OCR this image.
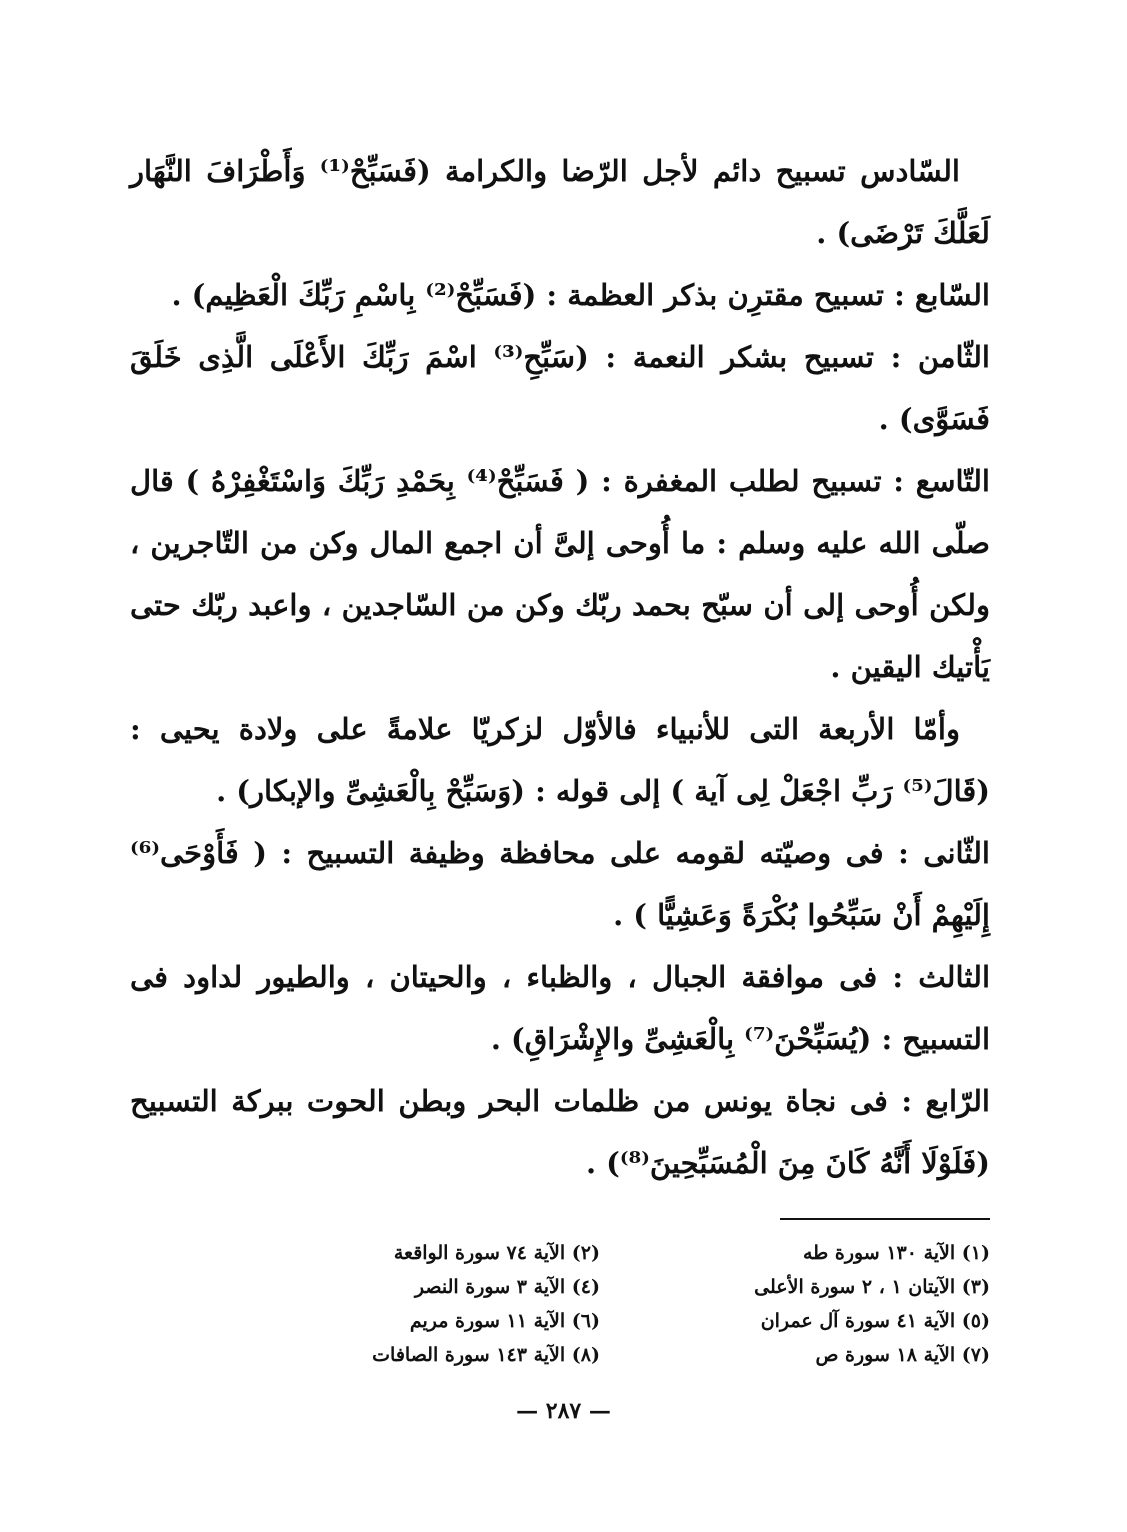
السّادس تسبيح دائم لأجل الرّضا والكرامة (فَسَبِّحْ⁽¹⁾ وَأَطْرَافَ النَّهَار لَعَلَّكَ تَرْضَى) .

السّابع : تسبيح مقترِن بذكر العظمة : (فَسَبِّحْ⁽²⁾ بِاسْمِ رَبِّكَ الْعَظِيم) .

الثّامن : تسبيح بشكر النعمة : (سَبِّحِ⁽³⁾ اسْمَ رَبِّكَ الأَعْلَى الَّذِى خَلَقَ فَسَوَّى) .

التّاسع : تسبيح لطلب المغفرة : ( فَسَبِّحْ⁽⁴⁾ بِحَمْدِ رَبِّكَ وَاسْتَغْفِرْهُ ) قال صلّى الله عليه وسلم : ما أُوحى إلىَّ أن اجمع المال وكن من التّاجرين ، ولكن أُوحى إلى أن سبّح بحمد ربّك وكن من السّاجدين ، واعبد ربّك حتى يَأْتيك اليقين .

وأمّا الأربعة التى للأنبياء فالأوّل لزكريّا علامةً على ولادة يحيى : (قَالَ⁽⁵⁾ رَبِّ اجْعَلْ لِى آية ) إلى قوله : (وَسَبِّحْ بِالْعَشِىِّ والإبكار) .

الثّانى : فى وصيّته لقومه على محافظة وظيفة التسبيح : ( فَأَوْحَى⁽⁶⁾ إِلَيْهِمْ أَنْ سَبِّحُوا بُكْرَةً وَعَشِيًّا ) .

الثالث : فى موافقة الجبال ، والظباء ، والحيتان ، والطيور لداود فى التسبيح : (يُسَبِّحْنَ⁽⁷⁾ بِالْعَشِىِّ والإِشْرَاقِ) .

الرّابع : فى نجاة يونس من ظلمات البحر وبطن الحوت ببركة التسبيح (فَلَوْلَا أَنَّهُ كَانَ مِنَ الْمُسَبِّحِينَ⁽⁸⁾) .

(١) الآية ١٣٠ سورة طه
(٢) الآية ٧٤ سورة الواقعة
(٣) الآيتان ١ ، ٢ سورة الأعلى
(٤) الآية ٣ سورة النصر
(٥) الآية ٤١ سورة آل عمران
(٦) الآية ١١ سورة مريم
(٧) الآية ١٨ سورة ص
(٨) الآية ١٤٣ سورة الصافات
— ٢٨٧ —
